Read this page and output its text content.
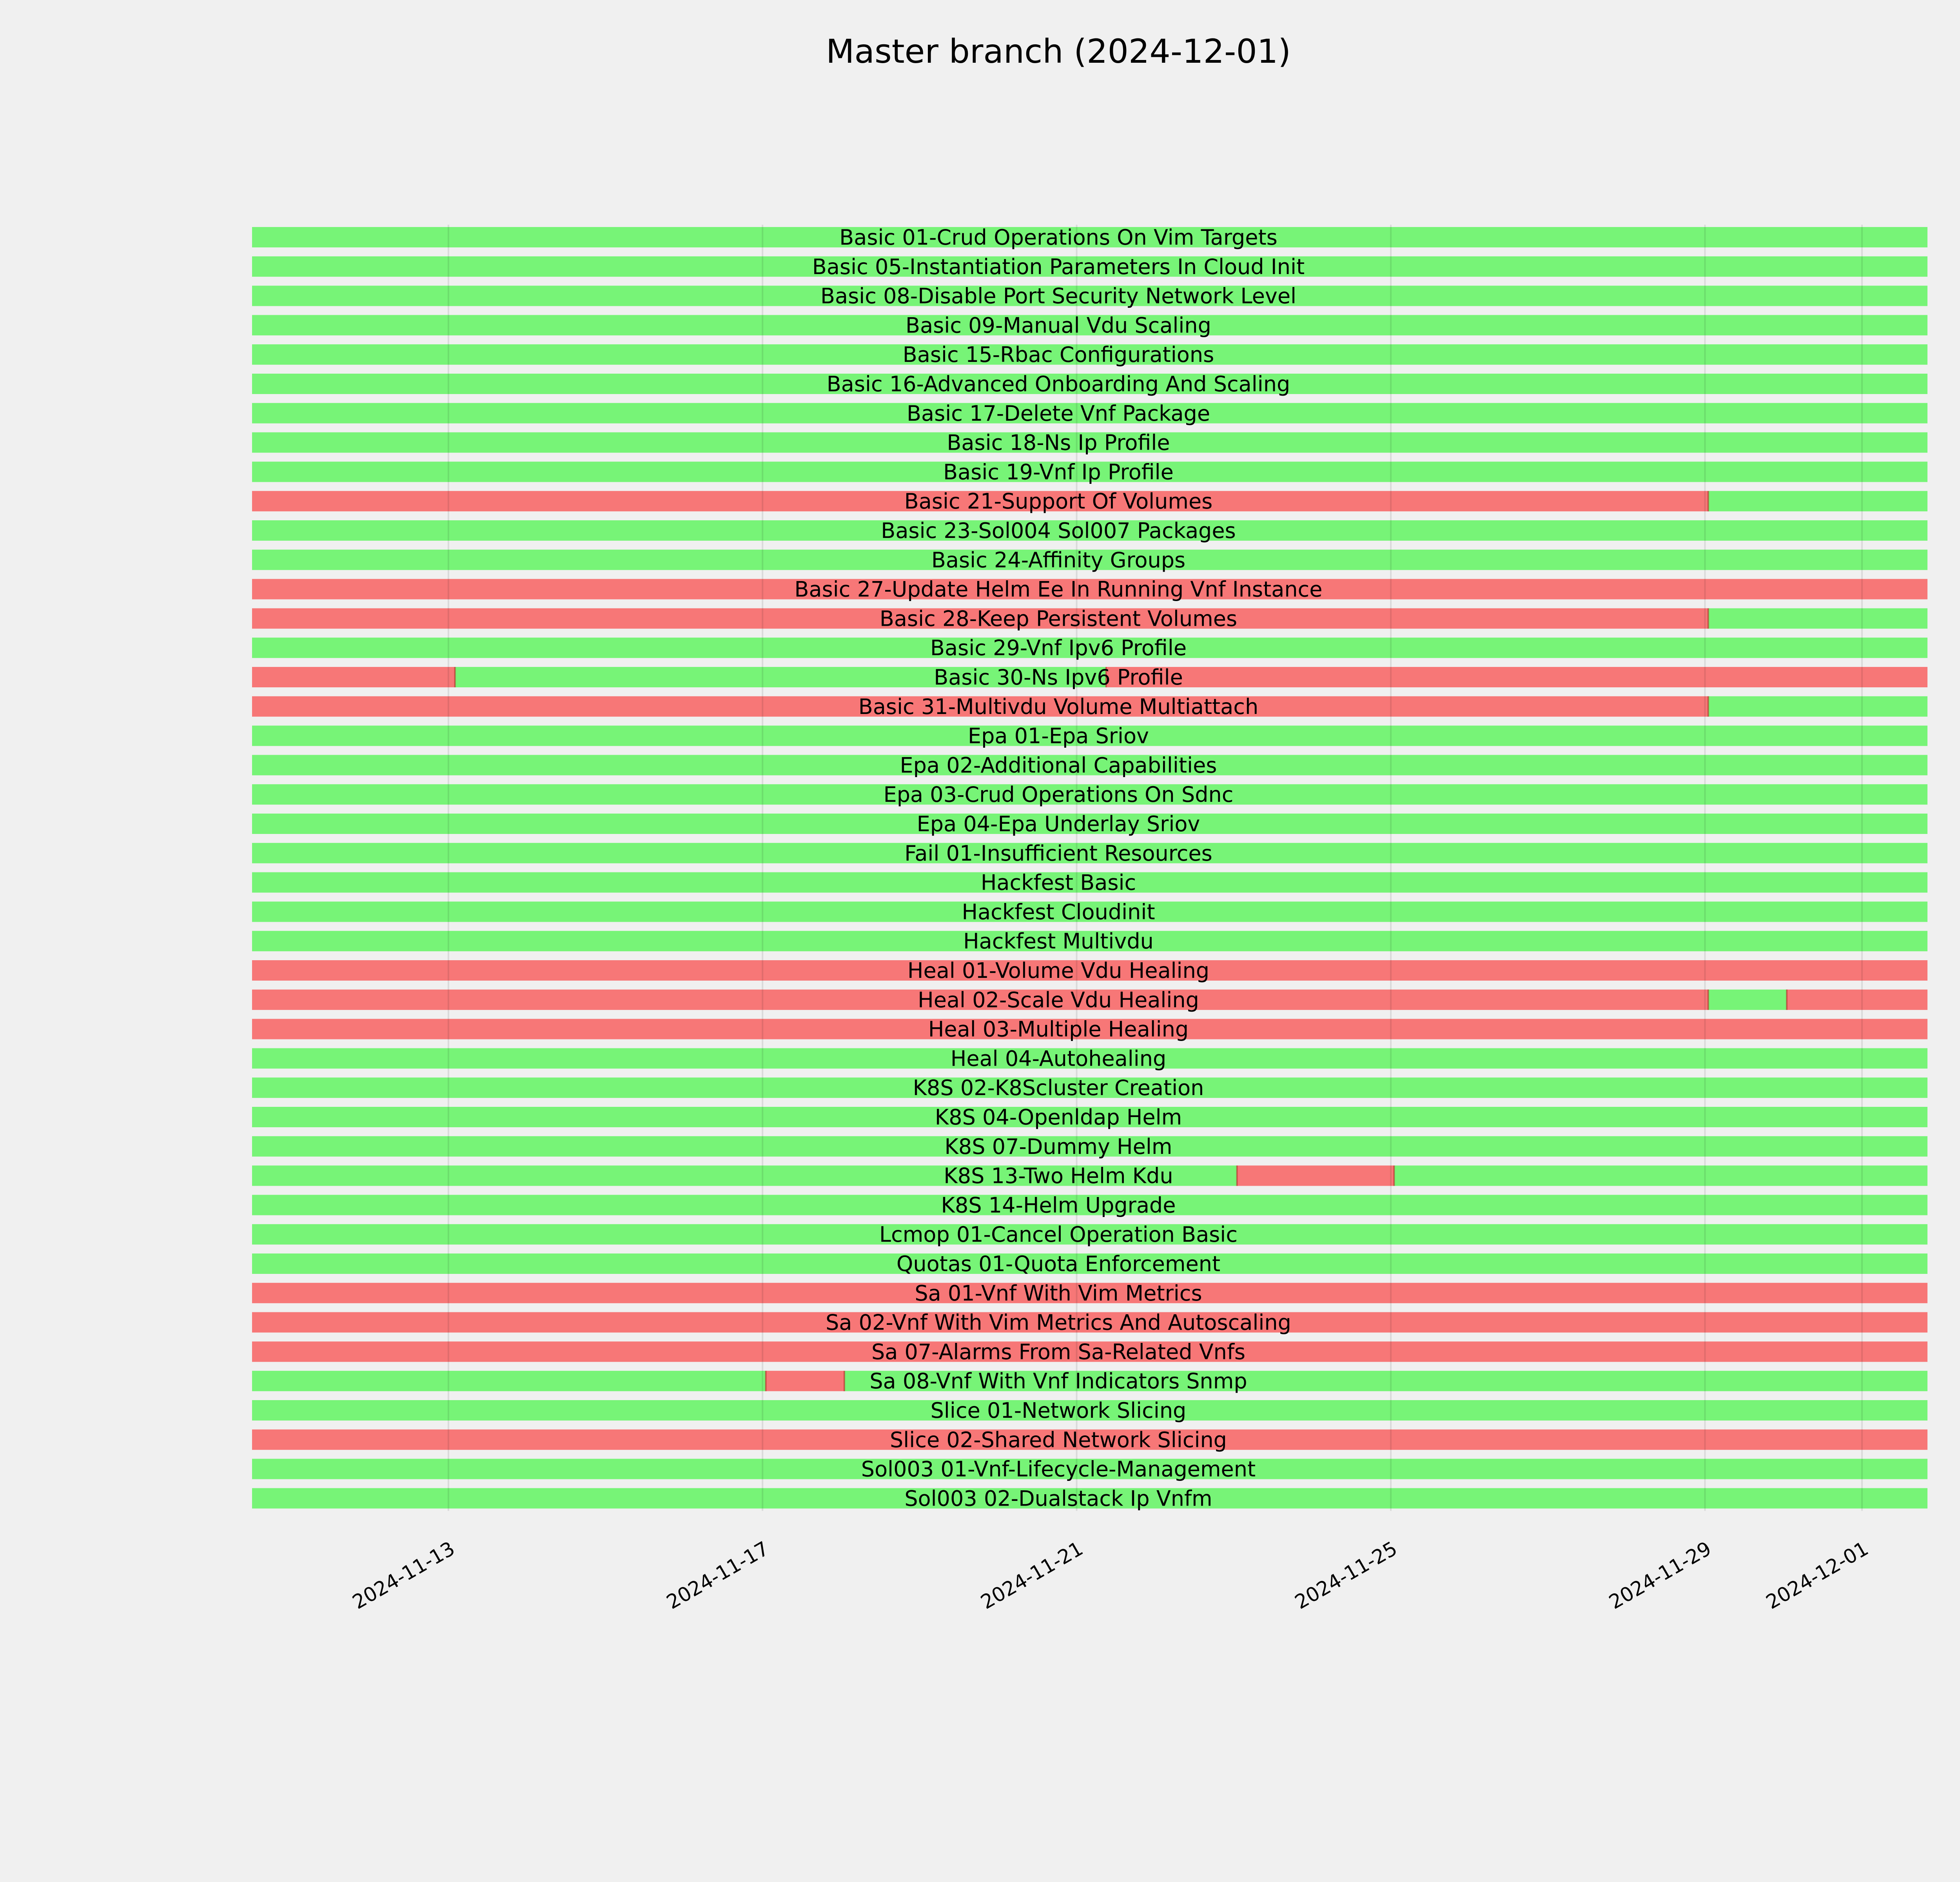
Master branch (2024-12-01)
Basic 01-Crud Operations On Vim Targets
Basic 05-Instantiation Parameters In Cloud Init
Basic 08-Disable Port Security Network Level
Basic 09-Manual Vdu Scaling
Basic 15-Rbac Configurations
Basic 16-Advanced Onboarding And Scaling
Basic 17-Delete Vnf Package
Basic 18-Ns Ip Profile
Basic 19-Vnf Ip Profile
Basic 21-Support Of Volumes
Basic 23-Sol004 Sol007 Packages
Basic 24-Affinity Groups
Basic 27-Update Helm Ee In Running Vnf Instance
Basic 28-Keep Persistent Volumes
Basic 29-Vnf Ipv6 Profile
Basic 30-Ns Ipv6 Profile
Basic 31-Multivdu Volume Multiattach
Epa 01-Epa Sriov
Epa 02-Additional Capabilities
Epa 03-Crud Operations On Sdnc
Epa 04-Epa Underlay Sriov
Fail 01-Insufficient Resources
Hackfest Basic
Hackfest Cloudinit
Hackfest Multivdu
Heal 01-Volume Vdu Healing
Heal 02-Scale Vdu Healing
Heal 03-Multiple Healing
Heal 04-Autohealing
K8S 02-K8Scluster Creation
K8S 04-Openldap Helm
K8S 07-Dummy Helm
K8S 13-Two Helm Kdu
K8S 14-Helm Upgrade
Lcmop 01-Cancel Operation Basic
Quotas 01-Quota Enforcement
Sa 01-Vnf With Vim Metrics
Sa 02-Vnf With Vim Metrics And Autoscaling
Sa 07-Alarms From Sa-Related Vnfs
Sa 08-Vnf With Vnf Indicators Snmp
Slice 01-Network Slicing
Slice 02-Shared Network Slicing
Sol003 01-Vnf-Lifecycle-Management
Sol003 02-Dualstack Ip Vnfm
2024-11-13	2024-11-17	2024-11-21	2024-11-25	2024-11-29 2024-12-01
